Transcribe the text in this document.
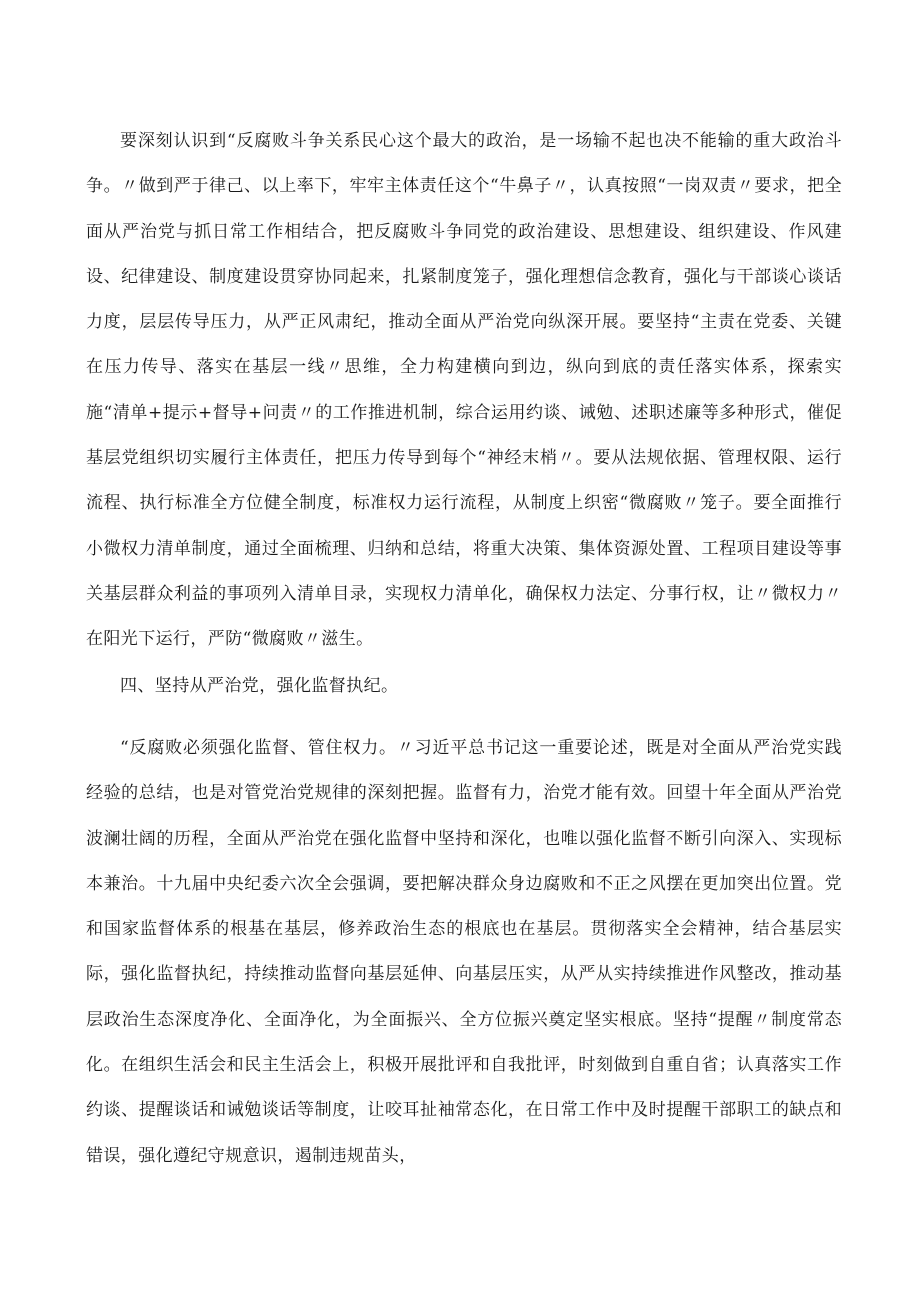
要深刻认识到“反腐败斗争关系民心这个最大的政治，是一场输不起也决不能输的重大政治斗争。〃做到严于律己、以上率下，牢牢主体责任这个“牛鼻子〃，认真按照“一岗双责〃要求，把全面从严治党与抓日常工作相结合，把反腐败斗争同党的政治建设、思想建设、组织建设、作风建设、纪律建设、制度建设贯穿协同起来，扎紧制度笼子，强化理想信念教育，强化与干部谈心谈话力度，层层传导压力，从严正风肃纪，推动全面从严治党向纵深开展。要坚持“主责在党委、关键在压力传导、落实在基层一线〃思维，全力构建横向到边，纵向到底的责任落实体系，探索实施“清单+提示+督导+问责〃的工作推进机制，综合运用约谈、诫勉、述职述廉等多种形式，催促基层党组织切实履行主体责任，把压力传导到每个“神经末梢〃。要从法规依据、管理权限、运行流程、执行标准全方位健全制度，标准权力运行流程，从制度上织密“微腐败〃笼子。要全面推行小微权力清单制度，通过全面梳理、归纳和总结，将重大决策、集体资源处置、工程项目建设等事关基层群众利益的事项列入清单目录，实现权力清单化，确保权力法定、分事行权，让〃微权力〃在阳光下运行，严防“微腐败〃滋生。

四、坚持从严治党，强化监督执纪。

“反腐败必须强化监督、管住权力。〃习近平总书记这一重要论述，既是对全面从严治党实践经验的总结，也是对管党治党规律的深刻把握。监督有力，治党才能有效。回望十年全面从严治党波澜壮阔的历程，全面从严治党在强化监督中坚持和深化，也唯以强化监督不断引向深入、实现标本兼治。十九届中央纪委六次全会强调，要把解决群众身边腐败和不正之风摆在更加突出位置。党和国家监督体系的根基在基层，修养政治生态的根底也在基层。贯彻落实全会精神，结合基层实际，强化监督执纪，持续推动监督向基层延伸、向基层压实，从严从实持续推进作风整改，推动基层政治生态深度净化、全面净化，为全面振兴、全方位振兴奠定坚实根底。坚持“提醒〃制度常态化。在组织生活会和民主生活会上，积极开展批评和自我批评，时刻做到自重自省；认真落实工作约谈、提醒谈话和诫勉谈话等制度，让咬耳扯袖常态化，在日常工作中及时提醒干部职工的缺点和错误，强化遵纪守规意识，遏制违规苗头，
